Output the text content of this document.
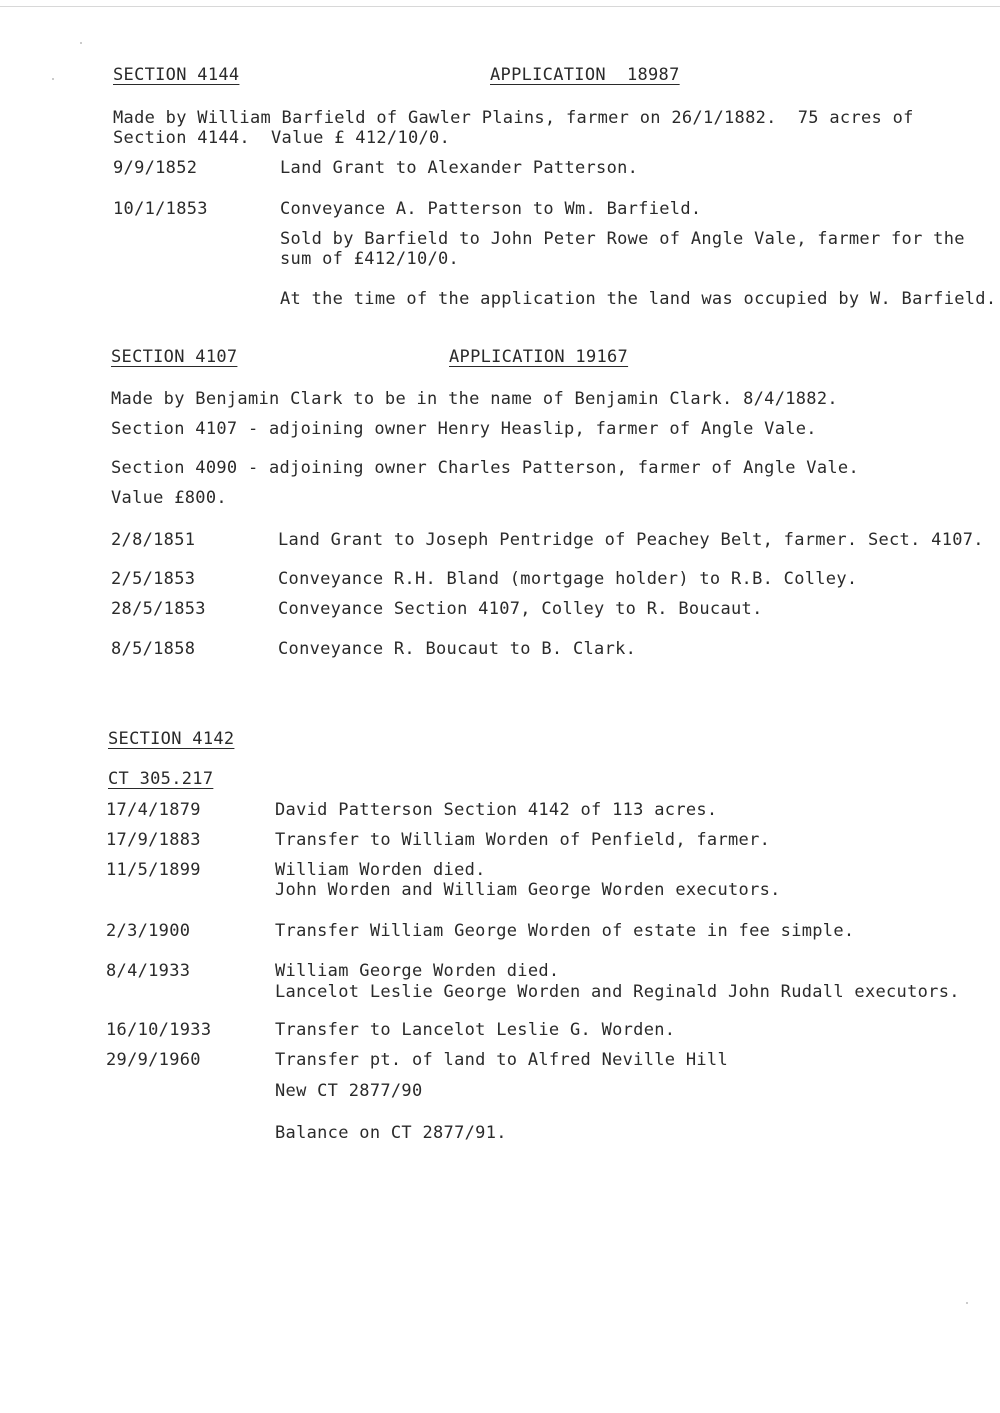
SECTION 4144	APPLICATION  18987
Made by William Barfield of Gawler Plains, farmer on 26/1/1882.  75 acres of
Section 4144.  Value £ 412/10/0.
9/9/1852	Land Grant to Alexander Patterson.
10/1/1853	Conveyance A. Patterson to Wm. Barfield.
Sold by Barfield to John Peter Rowe of Angle Vale, farmer for the
sum of £412/10/0.
At the time of the application the land was occupied by W. Barfield.
SECTION 4107	APPLICATION 19167
Made by Benjamin Clark to be in the name of Benjamin Clark. 8/4/1882.
Section 4107 - adjoining owner Henry Heaslip, farmer of Angle Vale.
Section 4090 - adjoining owner Charles Patterson, farmer of Angle Vale.
Value £800.
2/8/1851	Land Grant to Joseph Pentridge of Peachey Belt, farmer. Sect. 4107.
2/5/1853	Conveyance R.H. Bland (mortgage holder) to R.B. Colley.
28/5/1853	Conveyance Section 4107, Colley to R. Boucaut.
8/5/1858	Conveyance R. Boucaut to B. Clark.
SECTION 4142
CT 305.217
17/4/1879	David Patterson Section 4142 of 113 acres.
17/9/1883	Transfer to William Worden of Penfield, farmer.
11/5/1899	William Worden died.
John Worden and William George Worden executors.
2/3/1900	Transfer William George Worden of estate in fee simple.
8/4/1933	William George Worden died.
Lancelot Leslie George Worden and Reginald John Rudall executors.
16/10/1933	Transfer to Lancelot Leslie G. Worden.
29/9/1960	Transfer pt. of land to Alfred Neville Hill
New CT 2877/90
Balance on CT 2877/91.
